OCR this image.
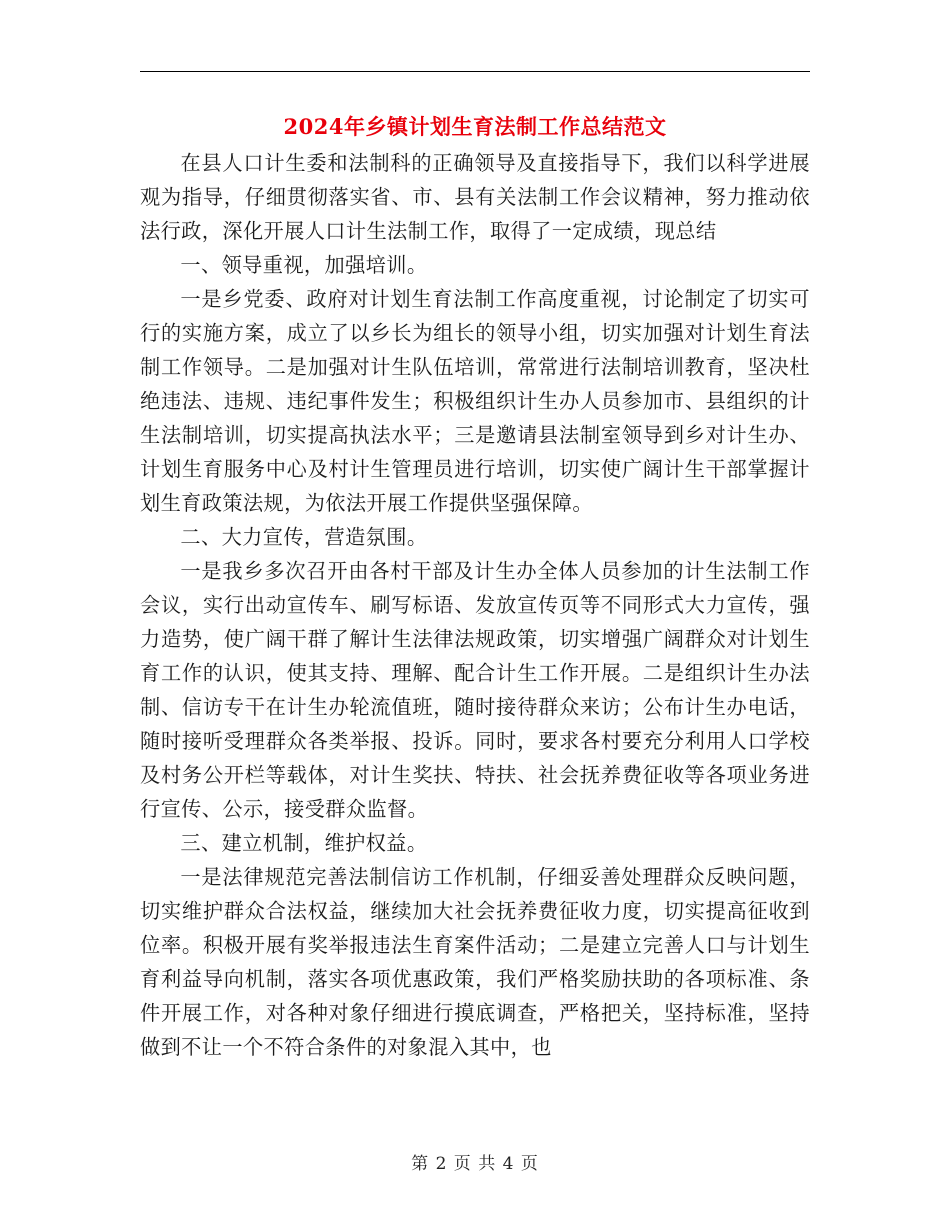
2024年乡镇计划生育法制工作总结范文

在县人口计生委和法制科的正确领导及直接指导下，我们以科学进展观为指导，仔细贯彻落实省、市、县有关法制工作会议精神，努力推动依法行政，深化开展人口计生法制工作，取得了一定成绩，现总结

一、领导重视，加强培训。

一是乡党委、政府对计划生育法制工作高度重视，讨论制定了切实可行的实施方案，成立了以乡长为组长的领导小组，切实加强对计划生育法制工作领导。二是加强对计生队伍培训，常常进行法制培训教育，坚决杜绝违法、违规、违纪事件发生；积极组织计生办人员参加市、县组织的计生法制培训，切实提高执法水平；三是邀请县法制室领导到乡对计生办、计划生育服务中心及村计生管理员进行培训，切实使广阔计生干部掌握计划生育政策法规，为依法开展工作提供坚强保障。

二、大力宣传，营造氛围。

一是我乡多次召开由各村干部及计生办全体人员参加的计生法制工作会议，实行出动宣传车、刷写标语、发放宣传页等不同形式大力宣传，强力造势，使广阔干群了解计生法律法规政策，切实增强广阔群众对计划生育工作的认识，使其支持、理解、配合计生工作开展。二是组织计生办法制、信访专干在计生办轮流值班，随时接待群众来访；公布计生办电话，随时接听受理群众各类举报、投诉。同时，要求各村要充分利用人口学校及村务公开栏等载体，对计生奖扶、特扶、社会抚养费征收等各项业务进行宣传、公示，接受群众监督。

三、建立机制，维护权益。

一是法律规范完善法制信访工作机制，仔细妥善处理群众反映问题，切实维护群众合法权益，继续加大社会抚养费征收力度，切实提高征收到位率。积极开展有奖举报违法生育案件活动；二是建立完善人口与计划生育利益导向机制，落实各项优惠政策，我们严格奖励扶助的各项标准、条件开展工作，对各种对象仔细进行摸底调查，严格把关，坚持标准，坚持做到不让一个不符合条件的对象混入其中，也

第 2 页 共 4 页
